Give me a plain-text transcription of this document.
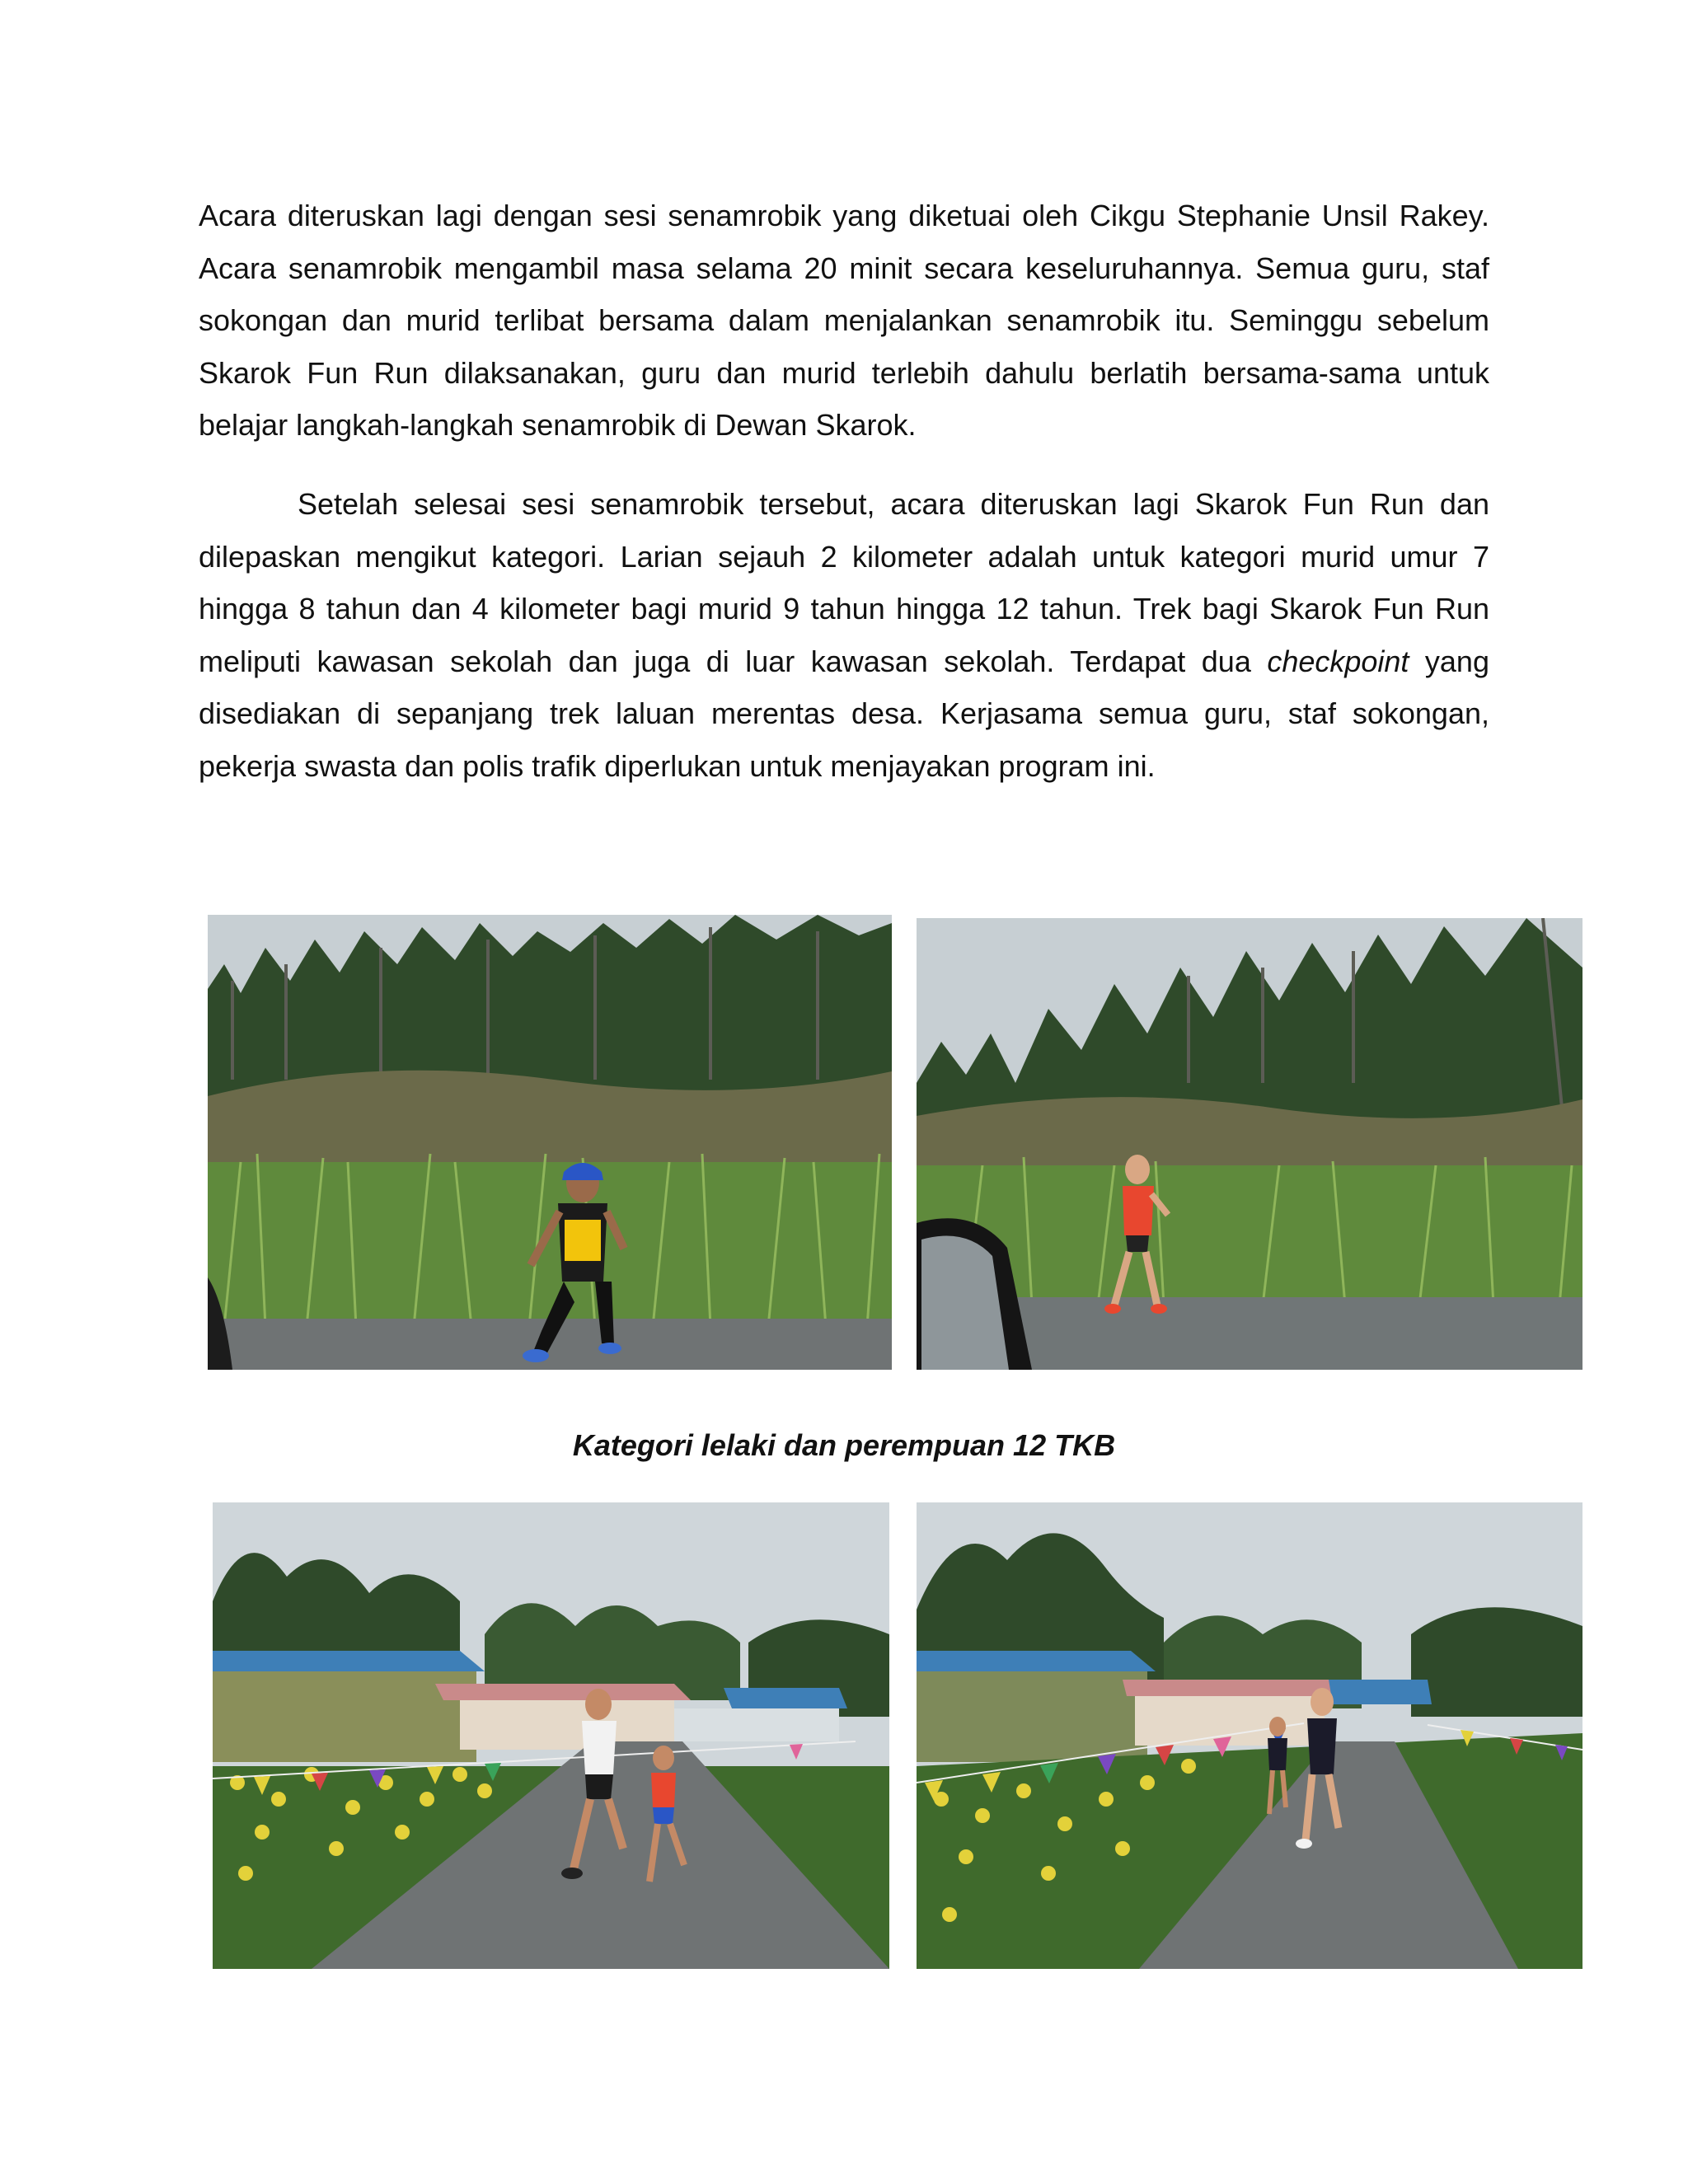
Acara diteruskan lagi dengan sesi senamrobik yang diketuai oleh Cikgu Stephanie Unsil Rakey. Acara senamrobik mengambil masa selama 20 minit secara keseluruhannya. Semua guru, staf sokongan dan murid terlibat bersama dalam menjalankan senamrobik itu. Seminggu sebelum Skarok Fun Run dilaksanakan, guru dan murid terlebih dahulu berlatih bersama-sama untuk belajar langkah-langkah senamrobik di Dewan Skarok.

Setelah selesai sesi senamrobik tersebut, acara diteruskan lagi Skarok Fun Run dan dilepaskan mengikut kategori. Larian sejauh 2 kilometer adalah untuk kategori murid umur 7 hingga 8 tahun dan 4 kilometer bagi murid 9 tahun hingga 12 tahun. Trek bagi Skarok Fun Run meliputi kawasan sekolah dan juga di luar kawasan sekolah. Terdapat dua checkpoint yang disediakan di sepanjang trek laluan merentas desa. Kerjasama semua guru, staf sokongan, pekerja swasta dan polis trafik diperlukan untuk menjayakan program ini.

Kategori lelaki dan perempuan 12 TKB
